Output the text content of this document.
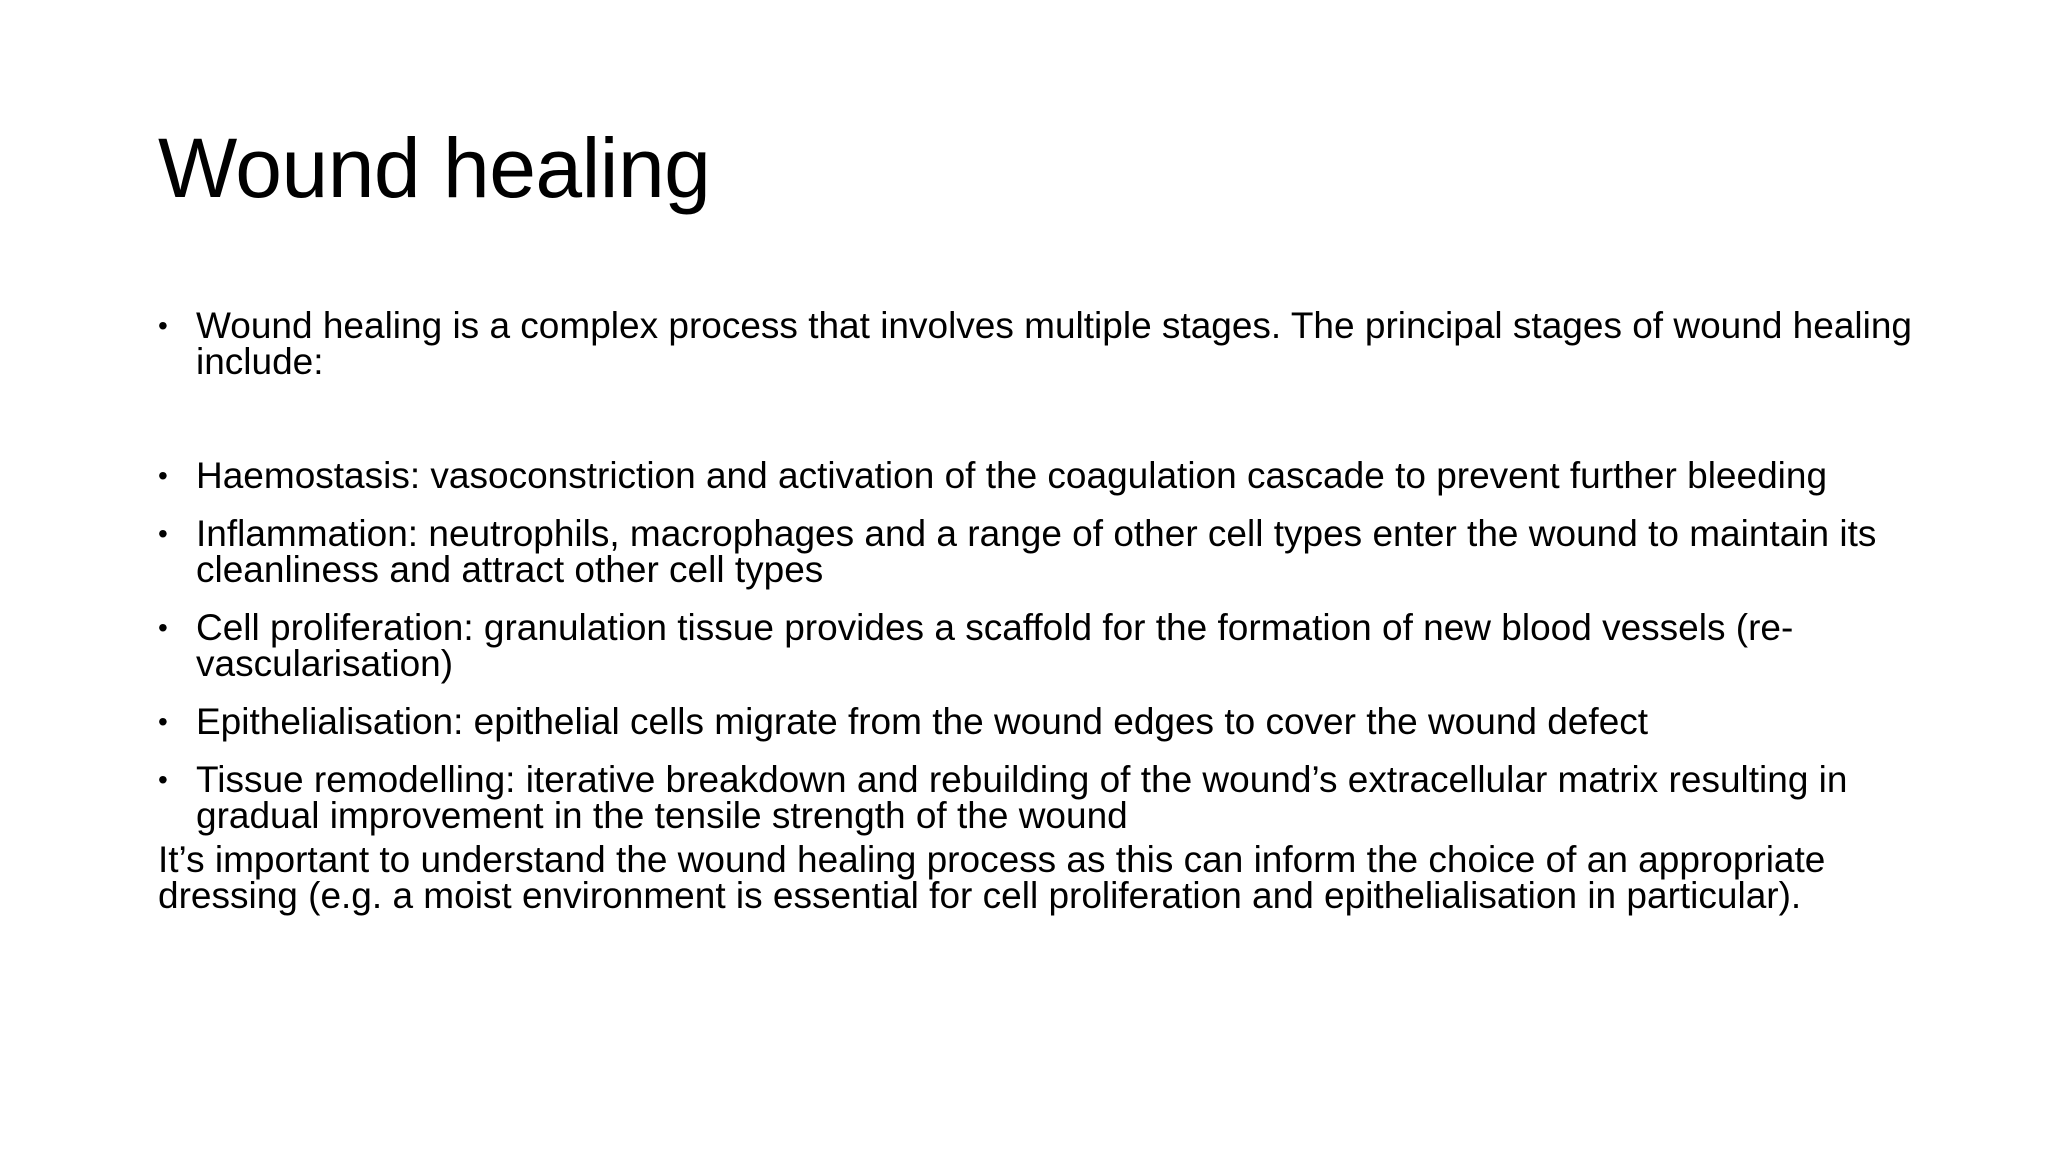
Wound healing
• Wound healing is a complex process that involves multiple stages. The principal stages of wound healing include:
• Haemostasis: vasoconstriction and activation of the coagulation cascade to prevent further bleeding
• Inflammation: neutrophils, macrophages and a range of other cell types enter the wound to maintain its cleanliness and attract other cell types
• Cell proliferation: granulation tissue provides a scaffold for the formation of new blood vessels (re-vascularisation)
• Epithelialisation: epithelial cells migrate from the wound edges to cover the wound defect
• Tissue remodelling: iterative breakdown and rebuilding of the wound’s extracellular matrix resulting in gradual improvement in the tensile strength of the wound

It’s important to understand the wound healing process as this can inform the choice of an appropriate dressing (e.g. a moist environment is essential for cell proliferation and epithelialisation in particular).
